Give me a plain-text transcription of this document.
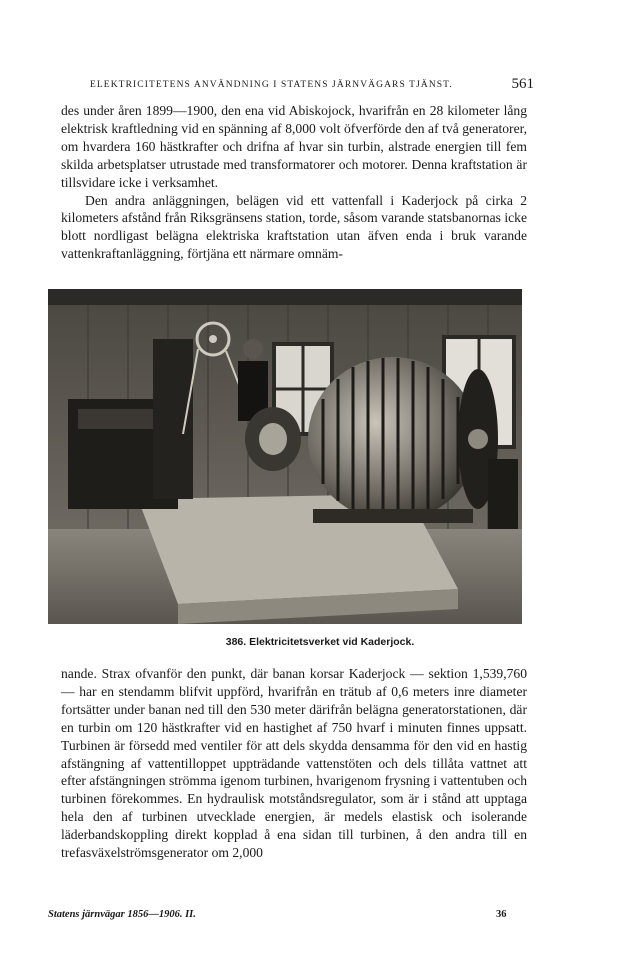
ELEKTRICITETENS ANVÄNDNING I STATENS JÄRNVÄGARS TJÄNST.	561

des under åren 1899—1900, den ena vid Abiskojock, hvarifrån en 28 kilometer lång elektrisk kraftledning vid en spänning af 8,000 volt öfverförde den af två generatorer, om hvardera 160 hästkrafter och drifna af hvar sin turbin, alstrade energien till fem skilda arbetsplatser utrustade med transformatorer och motorer. Denna kraftstation är tillsvidare icke i verksamhet.

Den andra anläggningen, belägen vid ett vattenfall i Kaderjock på cirka 2 kilometers afstånd från Riksgränsens station, torde, såsom varande statsbanornas icke blott nordligast belägna elektriska kraftstation utan äfven enda i bruk varande vattenkraftanläggning, förtjäna ett närmare omnäm-

386. Elektricitetsverket vid Kaderjock.

nande. Strax ofvanför den punkt, där banan korsar Kaderjock — sektion 1,539,760 — har en stendamm blifvit uppförd, hvarifrån en trätub af 0,6 meters inre diameter fortsätter under banan ned till den 530 meter därifrån belägna generatorstationen, där en turbin om 120 hästkrafter vid en hastighet af 750 hvarf i minuten finnes uppsatt. Turbinen är försedd med ventiler för att dels skydda densamma för den vid en hastig afstängning af vattentilloppet uppträdande vattenstöten och dels tillåta vattnet att efter afstängningen strömma igenom turbinen, hvarigenom frysning i vattentuben och turbinen förekommes. En hydraulisk motståndsregulator, som är i stånd att upptaga hela den af turbinen utvecklade energien, är medels elastisk och isolerande läderbandskoppling direkt kopplad å ena sidan till turbinen, å den andra till en trefasväxelströmsgenerator om 2,000

Statens järnvägar 1856—1906. II.	36
